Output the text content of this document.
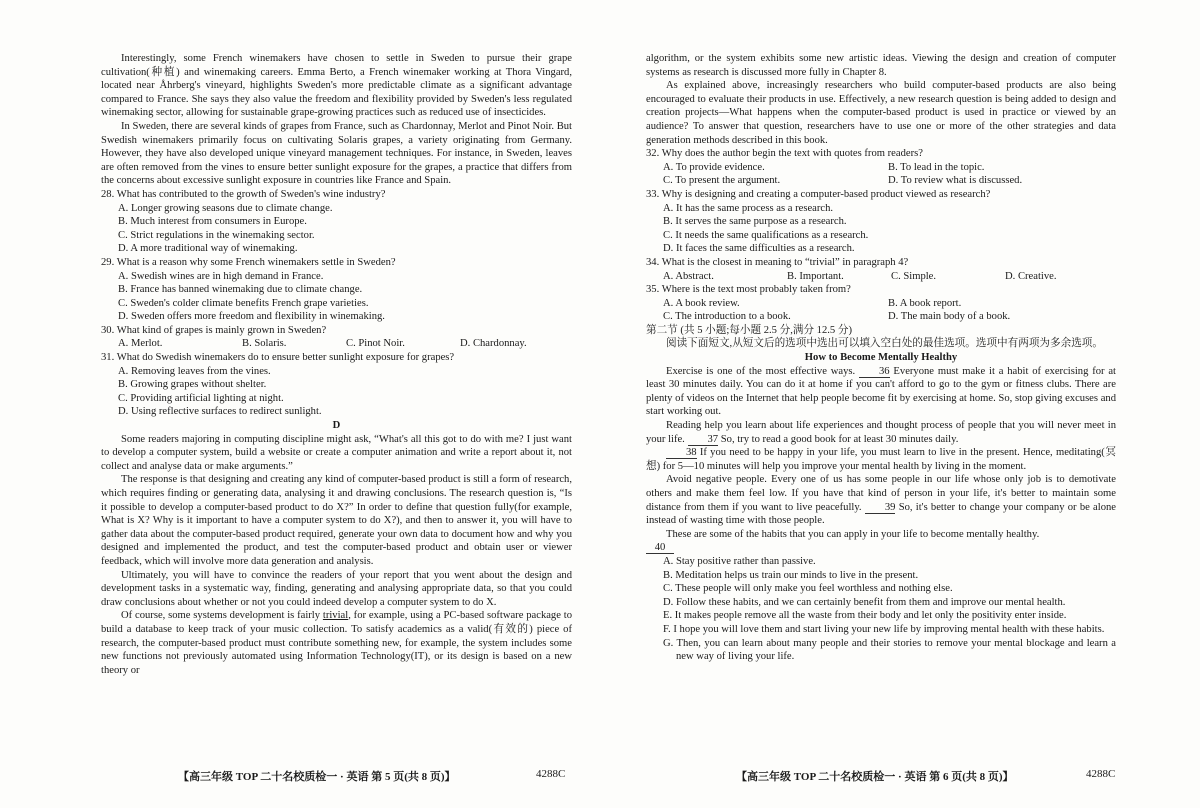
Interestingly, some French winemakers have chosen to settle in Sweden to pursue their grape cultivation(种植) and winemaking careers. Emma Berto, a French winemaker working at Thora Vingard, located near Åhrberg's vineyard, highlights Sweden's more predictable climate as a significant advantage compared to France. She says they also value the freedom and flexibility provided by Sweden's less regulated winemaking sector, allowing for sustainable grape-growing practices such as reduced use of insecticides.

In Sweden, there are several kinds of grapes from France, such as Chardonnay, Merlot and Pinot Noir. But Swedish winemakers primarily focus on cultivating Solaris grapes, a variety originating from Germany. However, they have also developed unique vineyard management techniques. For instance, in Sweden, leaves are often removed from the vines to ensure better sunlight exposure for the grapes, a practice that differs from the concerns about excessive sunlight exposure in countries like France and Spain.

28. What has contributed to the growth of Sweden's wine industry?

A. Longer growing seasons due to climate change.

B. Much interest from consumers in Europe.

C. Strict regulations in the winemaking sector.

D. A more traditional way of winemaking.

29. What is a reason why some French winemakers settle in Sweden?

A. Swedish wines are in high demand in France.

B. France has banned winemaking due to climate change.

C. Sweden's colder climate benefits French grape varieties.

D. Sweden offers more freedom and flexibility in winemaking.

30. What kind of grapes is mainly grown in Sweden?

A. Merlot.	B. Solaris.	C. Pinot Noir.	D. Chardonnay.

31. What do Swedish winemakers do to ensure better sunlight exposure for grapes?

A. Removing leaves from the vines.

B. Growing grapes without shelter.

C. Providing artificial lighting at night.

D. Using reflective surfaces to redirect sunlight.

D

Some readers majoring in computing discipline might ask, “What's all this got to do with me? I just want to develop a computer system, build a website or create a computer animation and write a report about it, not collect and analyse data or make arguments.”

The response is that designing and creating any kind of computer-based product is still a form of research, which requires finding or generating data, analysing it and drawing conclusions. The research question is, “Is it possible to develop a computer-based product to do X?” In order to define that question fully(for example, What is X? Why is it important to have a computer system to do X?), and then to answer it, you will have to gather data about the computer-based product required, generate your own data to document how and why you designed and implemented the product, and test the computer-based product and obtain user or viewer feedback, which will involve more data generation and analysis.

Ultimately, you will have to convince the readers of your report that you went about the design and development tasks in a systematic way, finding, generating and analysing appropriate data, so that you could draw conclusions about whether or not you could indeed develop a computer system to do X.

Of course, some systems development is fairly trivial, for example, using a PC-based software package to build a database to keep track of your music collection. To satisfy academics as a valid(有效的) piece of research, the computer-based product must contribute something new, for example, the system includes some new functions not previously automated using Information Technology(IT), or its design is based on a new theory or

【高三年级 TOP 二十名校质检一 · 英语 第 5 页(共 8 页)】	4288C

algorithm, or the system exhibits some new artistic ideas. Viewing the design and creation of computer systems as research is discussed more fully in Chapter 8.

As explained above, increasingly researchers who build computer-based products are also being encouraged to evaluate their products in use. Effectively, a new research question is being added to design and creation projects—What happens when the computer-based product is used in practice or viewed by an audience? To answer that question, researchers have to use one or more of the other strategies and data generation methods described in this book.

32. Why does the author begin the text with quotes from readers?

A. To provide evidence.	B. To lead in the topic.
C. To present the argument.	D. To review what is discussed.

33. Why is designing and creating a computer-based product viewed as research?

A. It has the same process as a research.

B. It serves the same purpose as a research.

C. It needs the same qualifications as a research.

D. It faces the same difficulties as a research.

34. What is the closest in meaning to “trivial” in paragraph 4?

A. Abstract.	B. Important.	C. Simple.	D. Creative.

35. Where is the text most probably taken from?

A. A book review.	B. A book report.
C. The introduction to a book.	D. The main body of a book.

第二节 (共 5 小题;每小题 2.5 分,满分 12.5 分)

阅读下面短文,从短文后的选项中选出可以填入空白处的最佳选项。选项中有两项为多余选项。

How to Become Mentally Healthy

Exercise is one of the most effective ways. 36 Everyone must make it a habit of exercising for at least 30 minutes daily. You can do it at home if you can't afford to go to the gym or fitness clubs. There are plenty of videos on the Internet that help people become fit by exercising at home. So, stop giving excuses and start working out.

Reading help you learn about life experiences and thought process of people that you will never meet in your life. 37 So, try to read a good book for at least 30 minutes daily.

38 If you need to be happy in your life, you must learn to live in the present. Hence, meditating(冥想) for 5—10 minutes will help you improve your mental health by living in the moment.

Avoid negative people. Every one of us has some people in our life whose only job is to demotivate others and make them feel low. If you have that kind of person in your life, it's better to maintain some distance from them if you want to live peacefully. 39 So, it's better to change your company or be alone instead of wasting time with those people.

These are some of the habits that you can apply in your life to become mentally healthy.

40

A. Stay positive rather than passive.

B. Meditation helps us train our minds to live in the present.

C. These people will only make you feel worthless and nothing else.

D. Follow these habits, and we can certainly benefit from them and improve our mental health.

E. It makes people remove all the waste from their body and let only the positivity enter inside.

F. I hope you will love them and start living your new life by improving mental health with these habits.

G. Then, you can learn about many people and their stories to remove your mental blockage and learn a new way of living your life.

【高三年级 TOP 二十名校质检一 · 英语 第 6 页(共 8 页)】	4288C
